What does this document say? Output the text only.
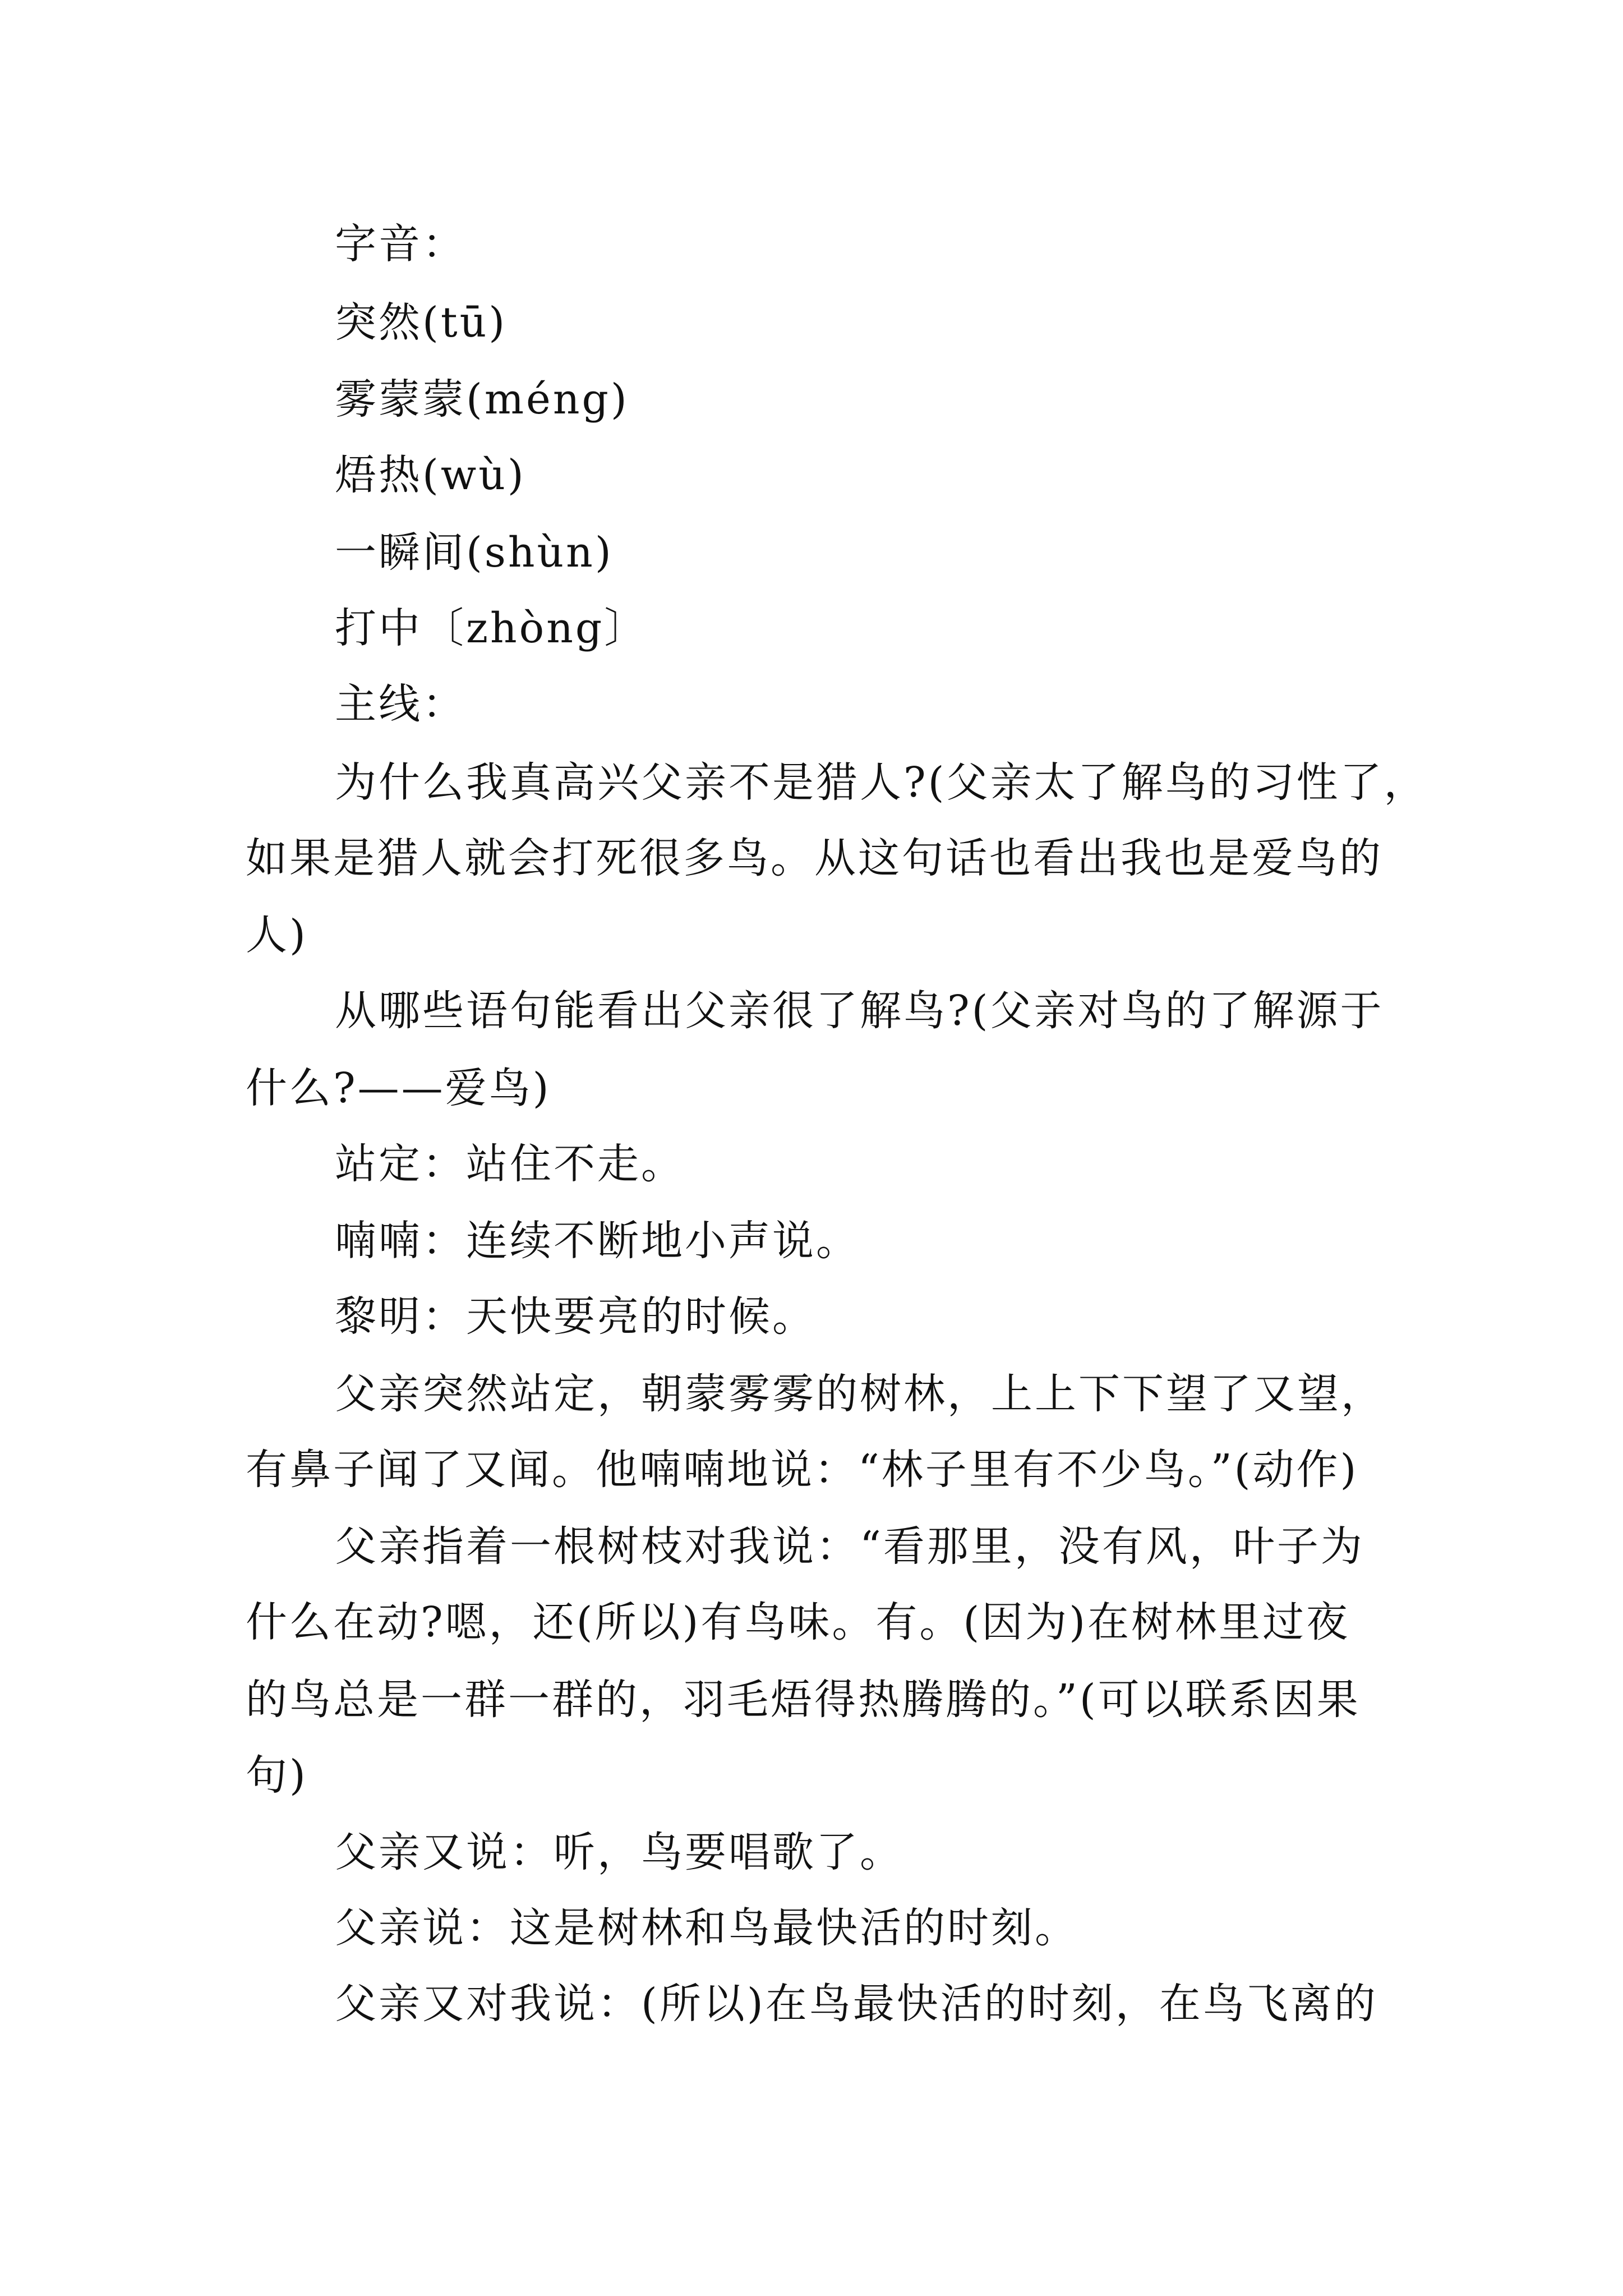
字音：
突然(tū)
雾蒙蒙(méng)
焐热(wù)
一瞬间(shùn)
打中〔zhòng〕
主线：
为什么我真高兴父亲不是猎人?(父亲太了解鸟的习性了，
如果是猎人就会打死很多鸟。从这句话也看出我也是爱鸟的
人)
从哪些语句能看出父亲很了解鸟?(父亲对鸟的了解源于
什么?——爱鸟)
站定：站住不走。
喃喃：连续不断地小声说。
黎明：天快要亮的时候。
父亲突然站定，朝蒙雾雾的树林，上上下下望了又望，
有鼻子闻了又闻。他喃喃地说：“林子里有不少鸟。”(动作)
父亲指着一根树枝对我说：“看那里，没有风，叶子为
什么在动?嗯，还(所以)有鸟味。有。(因为)在树林里过夜
的鸟总是一群一群的，羽毛焐得热腾腾的。”(可以联系因果
句)
父亲又说：听，鸟要唱歌了。
父亲说：这是树林和鸟最快活的时刻。
父亲又对我说：(所以)在鸟最快活的时刻，在鸟飞离的
